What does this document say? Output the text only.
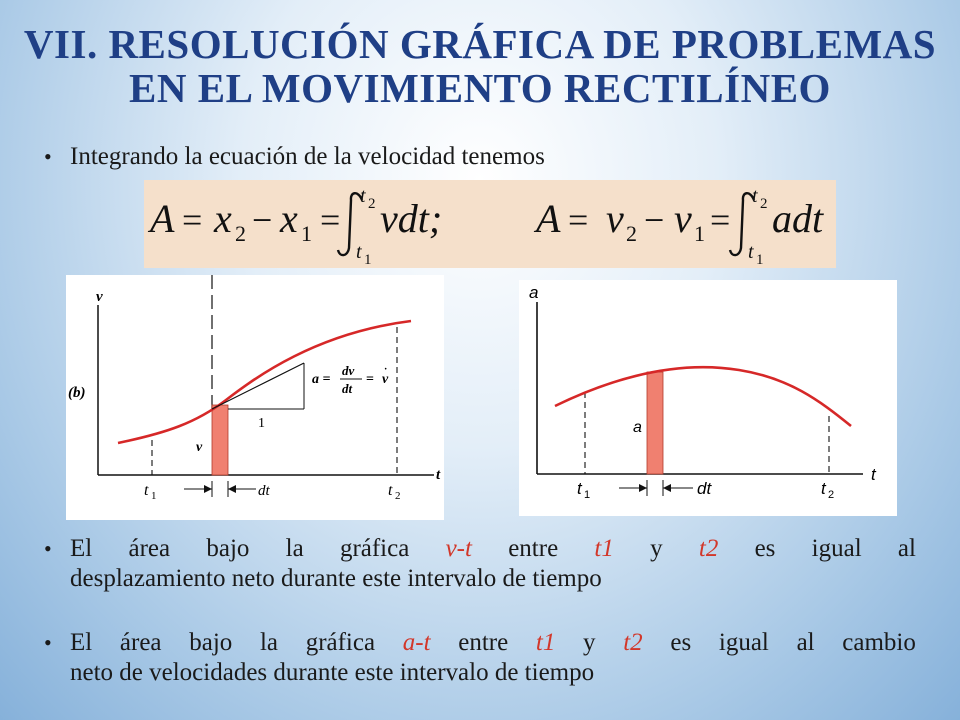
VII. RESOLUCIÓN GRÁFICA DE PROBLEMAS
EN EL MOVIMIENTO RECTILÍNEO
• Integrando la ecuación de la velocidad tenemos
A = x 2 − x 1 =
t 2
t 1
vdt; A = v 2 − v 1 =
t 2
t 1
adt
v
t
(b)
1
a =
dv
dt
= v
·
v
t 1	t 2
dt
a
t
a
t 1	t 2
dt
• El área bajo la gráfica v-t entre t1 y t2 es igual al
desplazamiento neto durante este intervalo de tiempo
• El área bajo la gráfica a-t entre t1 y t2 es igual al cambio
neto de velocidades durante este intervalo de tiempo
